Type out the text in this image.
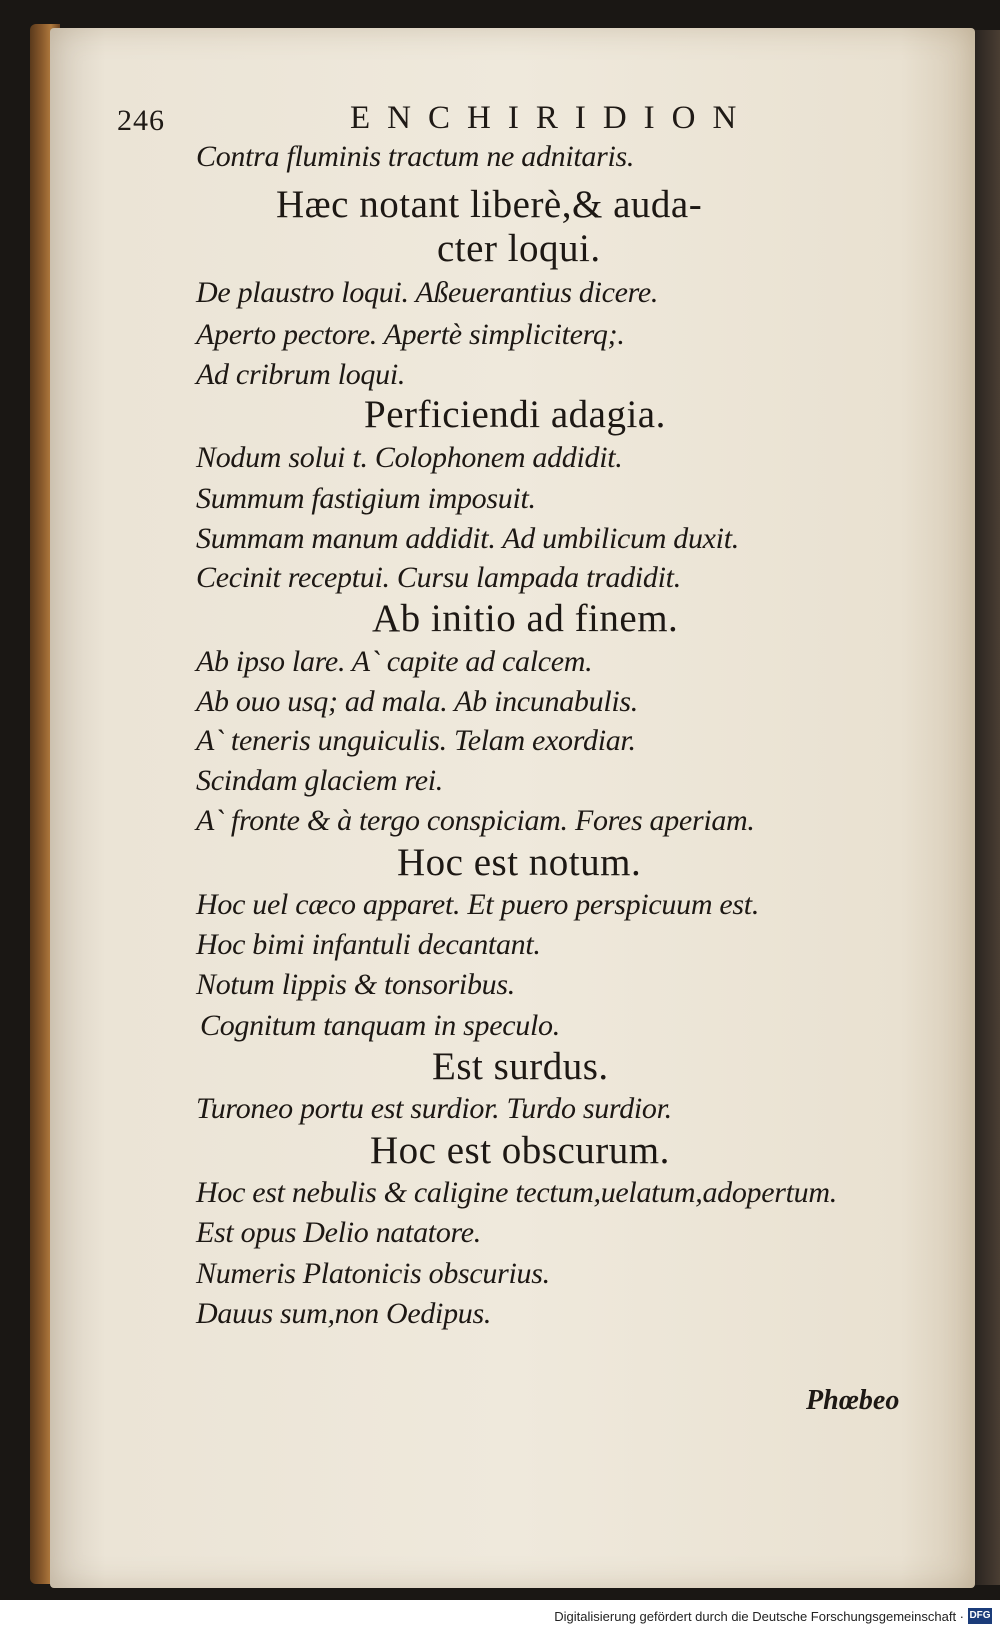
246	ENCHIRIDION
Contra fluminis tractum ne adnitaris.
Hæc notant liberè,& auda-
cter loqui.
De plaustro loqui. Aßeuerantius dicere.
Aperto pectore. Apertè simpliciterq;.
Ad cribrum loqui.
Perficiendi adagia.
Nodum solui t. Colophonem addidit.
Summum fastigium imposuit.
Summam manum addidit. Ad umbilicum duxit.
Cecinit receptui. Cursu lampada tradidit.
Ab initio ad finem.
Ab ipso lare. A` capite ad calcem.
Ab ouo usq; ad mala. Ab incunabulis.
A` teneris unguiculis. Telam exordiar.
Scindam glaciem rei.
A` fronte & à tergo conspiciam. Fores aperiam.
Hoc est notum.
Hoc uel cæco apparet. Et puero perspicuum est.
Hoc bimi infantuli decantant.
Notum lippis & tonsoribus.
Cognitum tanquam in speculo.
Est surdus.
Turoneo portu est surdior. Turdo surdior.
Hoc est obscurum.
Hoc est nebulis & caligine tectum,uelatum,adopertum.
Est opus Delio natatore.
Numeris Platonicis obscurius.
Dauus sum,non Oedipus.
Phœbeo
Digitalisierung gefördert durch die Deutsche Forschungsgemeinschaft · DFG
